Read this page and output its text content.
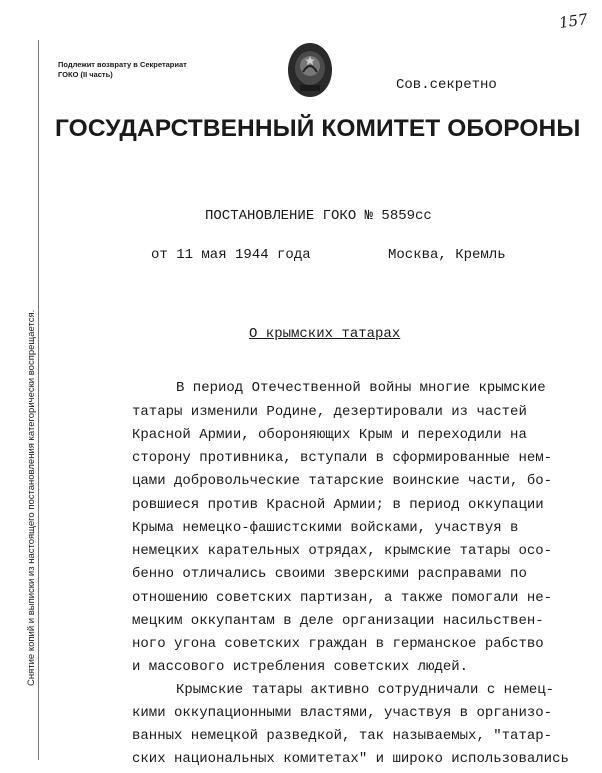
157
Снятие копий и выписки из настоящего постановления категорически воспрещается.
Подлежит возврату в Секретариат
ГОКО (II часть)
Сов.секретно
ГОСУДАРСТВЕННЫЙ КОМИТЕТ ОБОРОНЫ
ПОСТАНОВЛЕНИЕ ГОКО № 5859сс
от 11 мая 1944 года	Москва, Кремль
О крымских татарах
В период Отечественной войны многие крымские
татары изменили Родине, дезертировали из частей
Красной Армии, обороняющих Крым и переходили на
сторону противника, вступали в сформированные нем-
цами добровольческие татарские воинские части, бо-
ровшиеся против Красной Армии; в период оккупации
Крыма немецко-фашистскими войсками, участвуя в
немецких карательных отрядах, крымские татары осо-
бенно отличались своими зверскими расправами по
отношению советских партизан, а также помогали не-
мецким оккупантам в деле организации насильствен-
ного угона советских граждан в германское рабство
и массового истребления советских людей.
Крымские татары активно сотрудничали с немец-
кими оккупационными властями, участвуя в организо-
ванных немецкой разведкой, так называемых, "татар-
ских национальных комитетах" и широко использовались
